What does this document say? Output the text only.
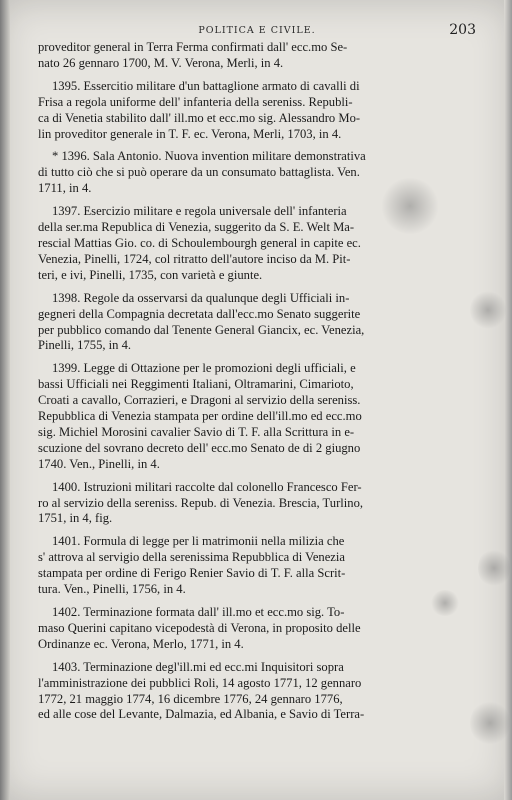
POLITICA E CIVILE.	203

proveditor general in Terra Ferma confirmati dall' ecc.mo Se-
nato 26 gennaro 1700, M. V. Verona, Merli, in 4.

1395. Essercitio militare d'un battaglione armato di cavalli di
Frisa a regola uniforme dell' infanteria della sereniss. Republi-
ca di Venetia stabilito dall' ill.mo et ecc.mo sig. Alessandro Mo-
lin proveditor generale in T. F. ec. Verona, Merli, 1703, in 4.

* 1396. Sala Antonio. Nuova invention militare demonstrativa
di tutto ciò che si può operare da un consumato battaglista. Ven.
1711, in 4.

1397. Esercizio militare e regola universale dell' infanteria
della ser.ma Republica di Venezia, suggerito da S. E. Welt Ma-
rescial Mattias Gio. co. di Schoulembourgh general in capite ec.
Venezia, Pinelli, 1724, col ritratto dell'autore inciso da M. Pit-
teri, e ivi, Pinelli, 1735, con varietà e giunte.

1398. Regole da osservarsi da qualunque degli Ufficiali in-
gegneri della Compagnia decretata dall'ecc.mo Senato suggerite
per pubblico comando dal Tenente General Giancix, ec. Venezia,
Pinelli, 1755, in 4.

1399. Legge di Ottazione per le promozioni degli ufficiali, e
bassi Ufficiali nei Reggimenti Italiani, Oltramarini, Cimarioto,
Croati a cavallo, Corrazieri, e Dragoni al servizio della sereniss.
Repubblica di Venezia stampata per ordine dell'ill.mo ed ecc.mo
sig. Michiel Morosini cavalier Savio di T. F. alla Scrittura in e-
scuzione del sovrano decreto dell' ecc.mo Senato de di 2 giugno
1740. Ven., Pinelli, in 4.

1400. Istruzioni militari raccolte dal colonello Francesco Fer-
ro al servizio della sereniss. Repub. di Venezia. Brescia, Turlino,
1751, in 4, fig.

1401. Formula di legge per li matrimonii nella milizia che
s' attrova al servigio della serenissima Repubblica di Venezia
stampata per ordine di Ferigo Renier Savio di T. F. alla Scrit-
tura. Ven., Pinelli, 1756, in 4.

1402. Terminazione formata dall' ill.mo et ecc.mo sig. To-
maso Querini capitano vicepodestà di Verona, in proposito delle
Ordinanze ec. Verona, Merlo, 1771, in 4.

1403. Terminazione degl'ill.mi ed ecc.mi Inquisitori sopra
l'amministrazione dei pubblici Roli, 14 agosto 1771, 12 gennaro
1772, 21 maggio 1774, 16 dicembre 1776, 24 gennaro 1776,
ed alle cose del Levante, Dalmazia, ed Albania, e Savio di Terra-
